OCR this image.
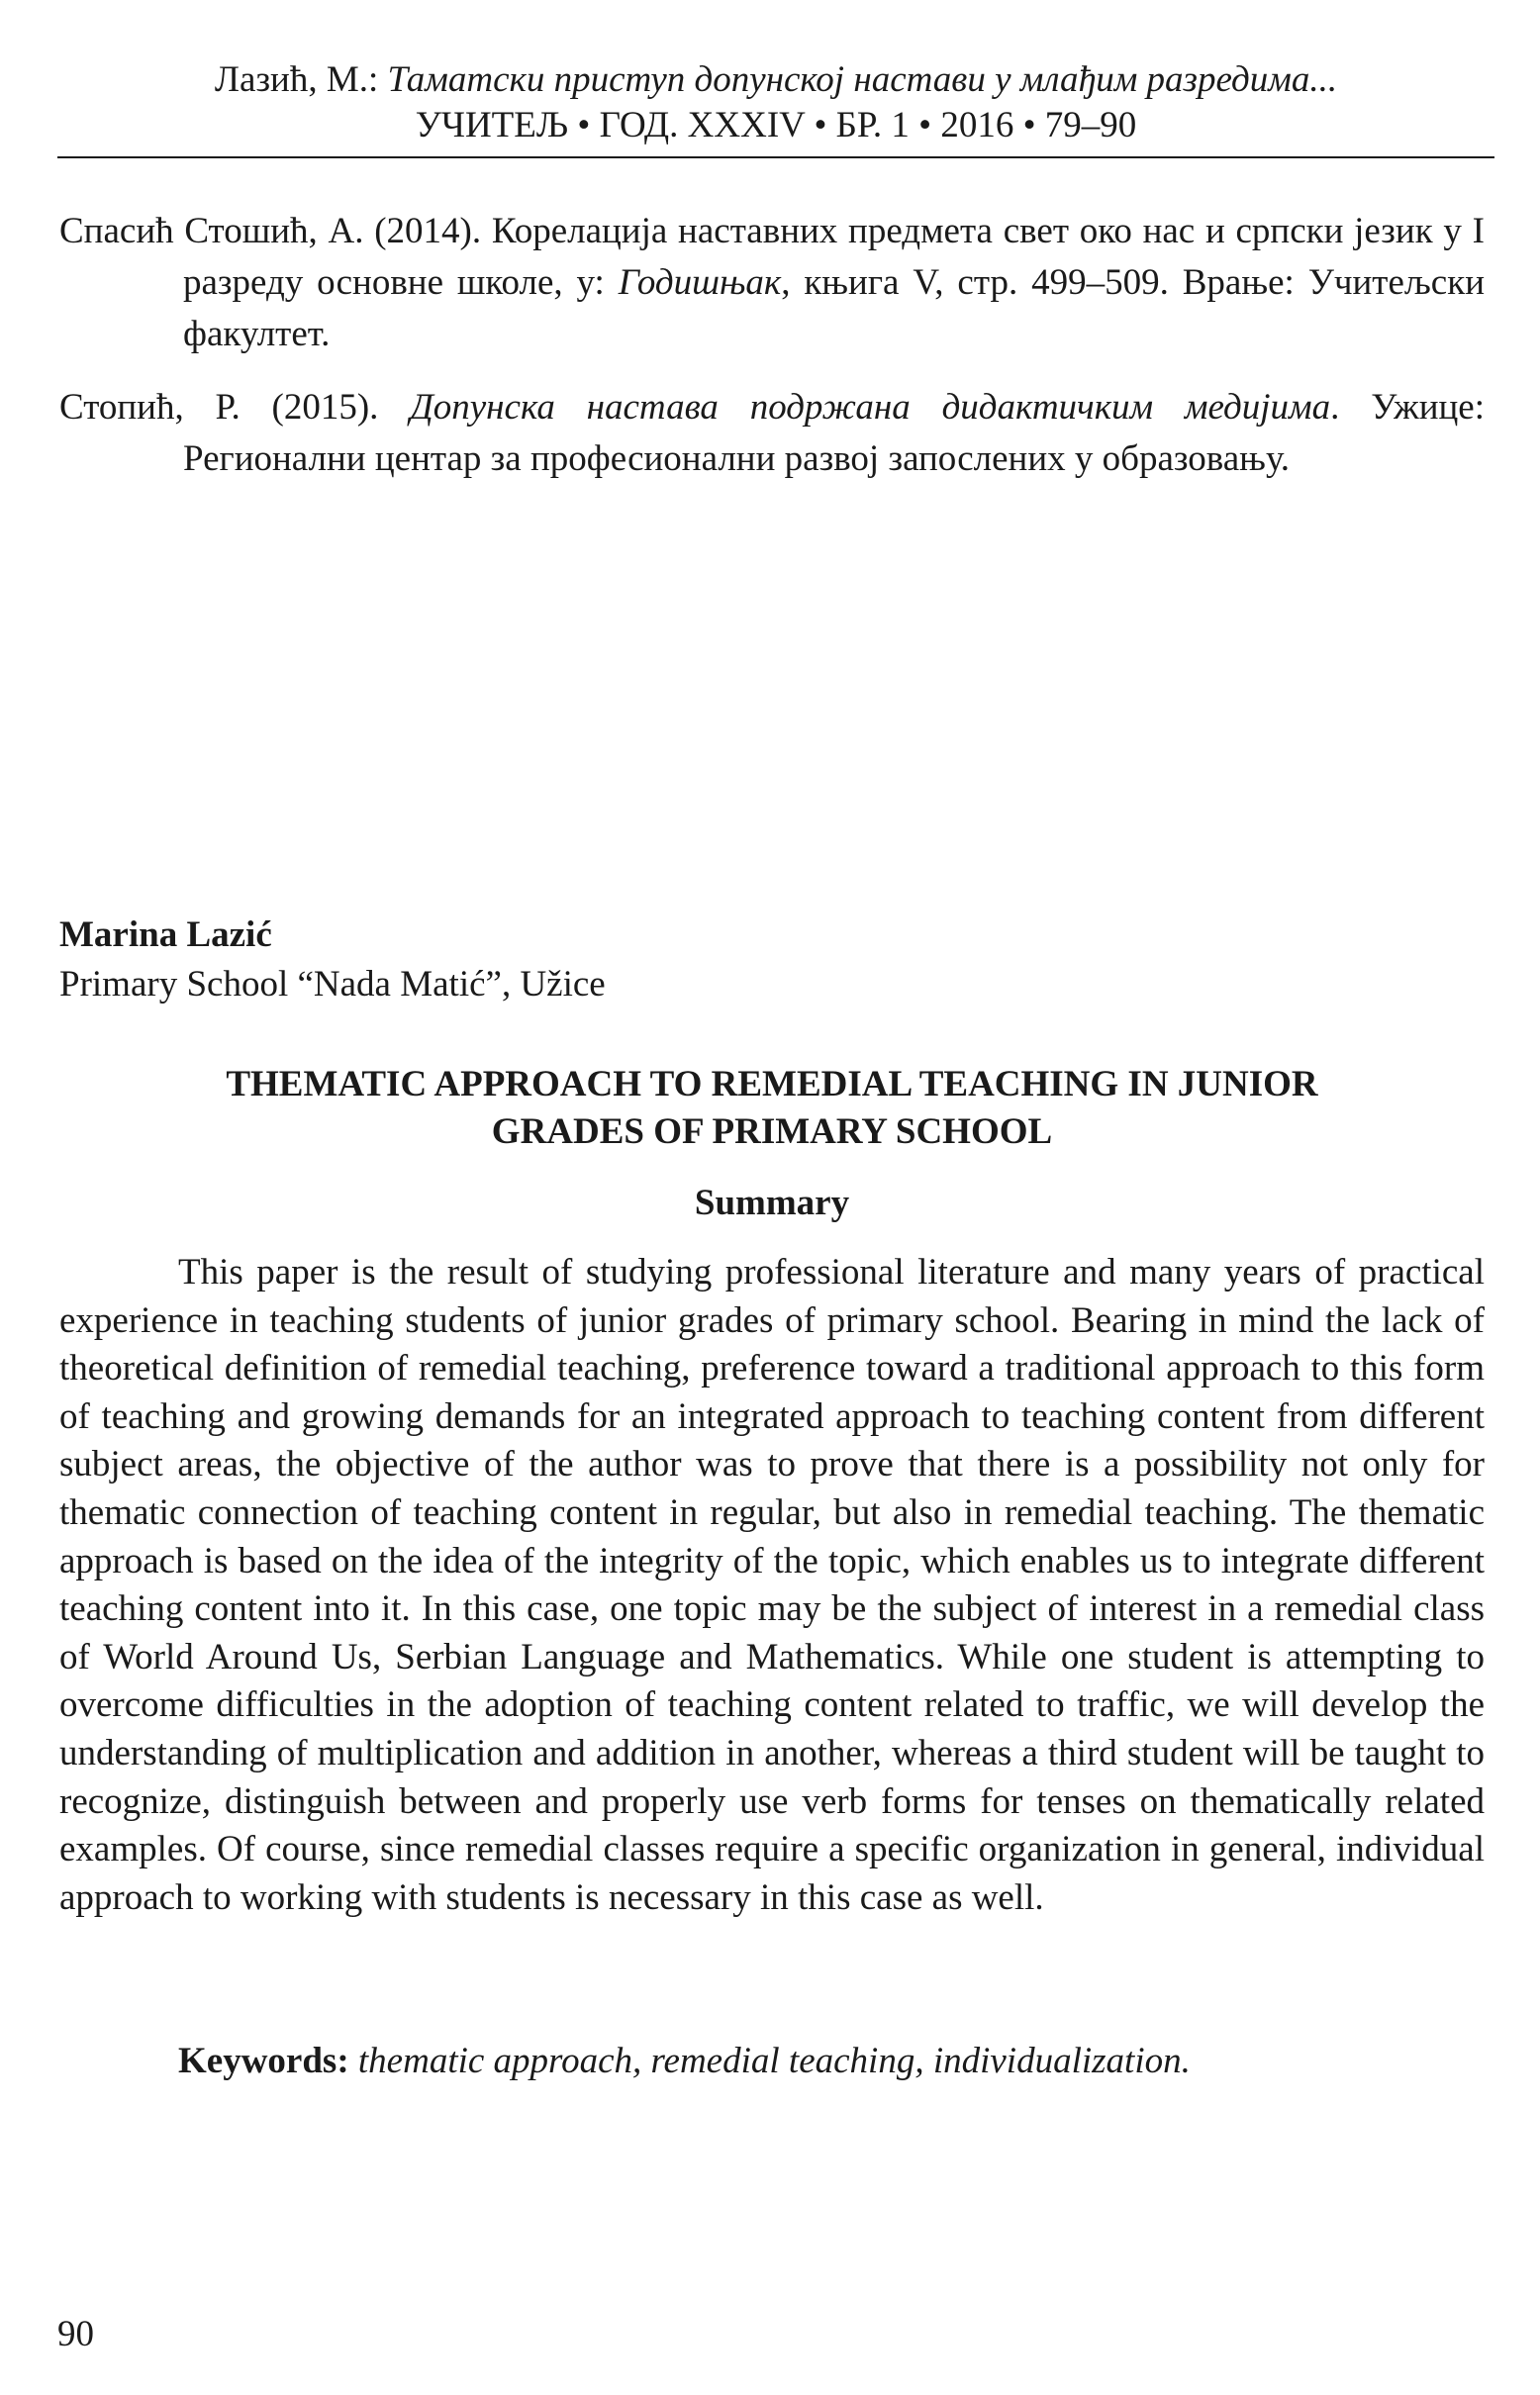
Лазић, М.: Таматски приступ допунској настави у млађим разредима...
УЧИТЕЉ • ГОД. XXXIV • БР. 1 • 2016 • 79–90

Спасић Стошић, А. (2014). Корелација наставних предмета свет око нас и српски језик у I разреду основне школе, у: Годишњак, књига V, стр. 499–509. Врање: Учитељски факултет.

Стопић, Р. (2015). Допунска настава подржана дидактичким медијима. Ужице: Регионални центар за професионални развој запослених у образовању.

Marina Lazić
Primary School “Nada Matić”, Užice
THEMATIC APPROACH TO REMEDIAL TEACHING IN JUNIOR
GRADES OF PRIMARY SCHOOL
Summary

This paper is the result of studying professional literature and many years of practical experience in teaching students of junior grades of primary school. Bearing in mind the lack of theoretical definition of remedial teaching, preference toward a traditional approach to this form of teaching and growing demands for an integrated approach to teaching content from different subject areas, the objective of the author was to prove that there is a possibility not only for thematic connection of teaching content in regular, but also in remedial teaching. The thematic approach is based on the idea of the integrity of the topic, which enables us to integrate different teaching content into it. In this case, one topic may be the subject of interest in a remedial class of World Around Us, Serbian Language and Mathematics. While one student is attempting to overcome difficulties in the adoption of teaching content related to traffic, we will develop the understanding of multiplication and addition in another, whereas a third student will be taught to recognize, distinguish between and properly use verb forms for tenses on thematically related examples. Of course, since remedial classes require a specific organization in general, individual approach to working with students is necessary in this case as well.

Keywords: thematic approach, remedial teaching, individualization.
90
